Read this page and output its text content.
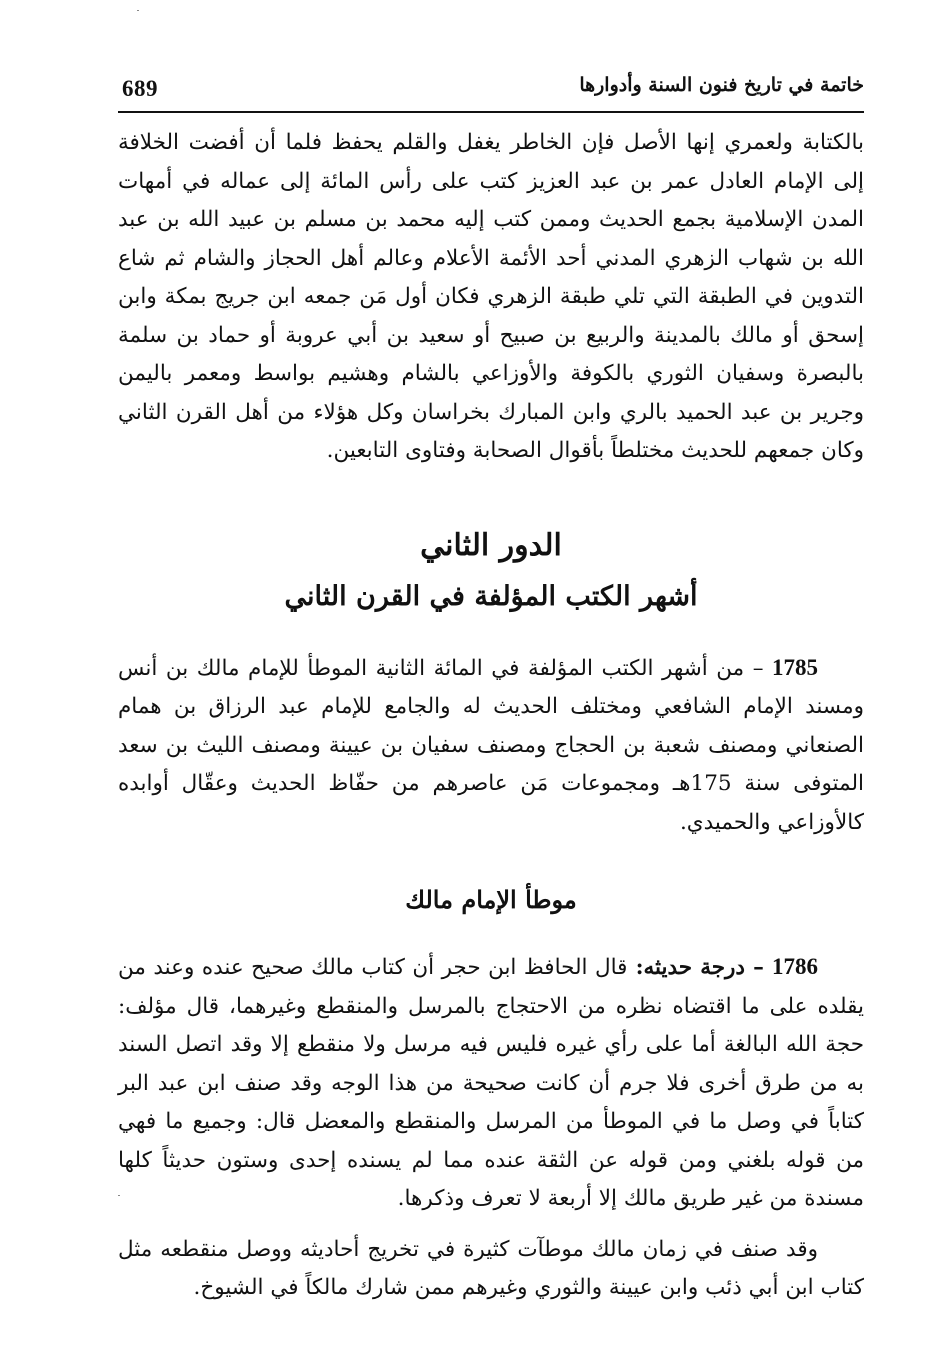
689	خاتمة في تاريخ فنون السنة وأدوارها

بالكتابة ولعمري إنها الأصل فإن الخاطر يغفل والقلم يحفظ فلما أن أفضت الخلافة إلى الإمام العادل عمر بن عبد العزيز كتب على رأس المائة إلى عماله في أمهات المدن الإسلامية بجمع الحديث وممن كتب إليه محمد بن مسلم بن عبيد الله بن عبد الله بن شهاب الزهري المدني أحد الأئمة الأعلام وعالم أهل الحجاز والشام ثم شاع التدوين في الطبقة التي تلي طبقة الزهري فكان أول مَن جمعه ابن جريج بمكة وابن إسحق أو مالك بالمدينة والربيع بن صبيح أو سعيد بن أبي عروبة أو حماد بن سلمة بالبصرة وسفيان الثوري بالكوفة والأوزاعي بالشام وهشيم بواسط ومعمر باليمن وجرير بن عبد الحميد بالري وابن المبارك بخراسان وكل هؤلاء من أهل القرن الثاني وكان جمعهم للحديث مختلطاً بأقوال الصحابة وفتاوى التابعين.

الدور الثاني

أشهر الكتب المؤلفة في القرن الثاني

1785 – من أشهر الكتب المؤلفة في المائة الثانية الموطأ للإمام مالك بن أنس ومسند الإمام الشافعي ومختلف الحديث له والجامع للإمام عبد الرزاق بن همام الصنعاني ومصنف شعبة بن الحجاج ومصنف سفيان بن عيينة ومصنف الليث بن سعد المتوفى سنة 175هـ ومجموعات مَن عاصرهم من حفّاظ الحديث وعقّال أوابده كالأوزاعي والحميدي.

موطأ الإمام مالك

1786 – درجة حديثه: قال الحافظ ابن حجر أن كتاب مالك صحيح عنده وعند من يقلده على ما اقتضاه نظره من الاحتجاج بالمرسل والمنقطع وغيرهما، قال مؤلف: حجة الله البالغة أما على رأي غيره فليس فيه مرسل ولا منقطع إلا وقد اتصل السند به من طرق أخرى فلا جرم أن كانت صحيحة من هذا الوجه وقد صنف ابن عبد البر كتاباً في وصل ما في الموطأ من المرسل والمنقطع والمعضل قال: وجميع ما فهي من قوله بلغني ومن قوله عن الثقة عنده مما لم يسنده إحدى وستون حديثاً كلها مسندة من غير طريق مالك إلا أربعة لا تعرف وذكرها.

وقد صنف في زمان مالك موطآت كثيرة في تخريج أحاديثه ووصل منقطعه مثل كتاب ابن أبي ذئب وابن عيينة والثوري وغيرهم ممن شارك مالكاً في الشيوخ.
